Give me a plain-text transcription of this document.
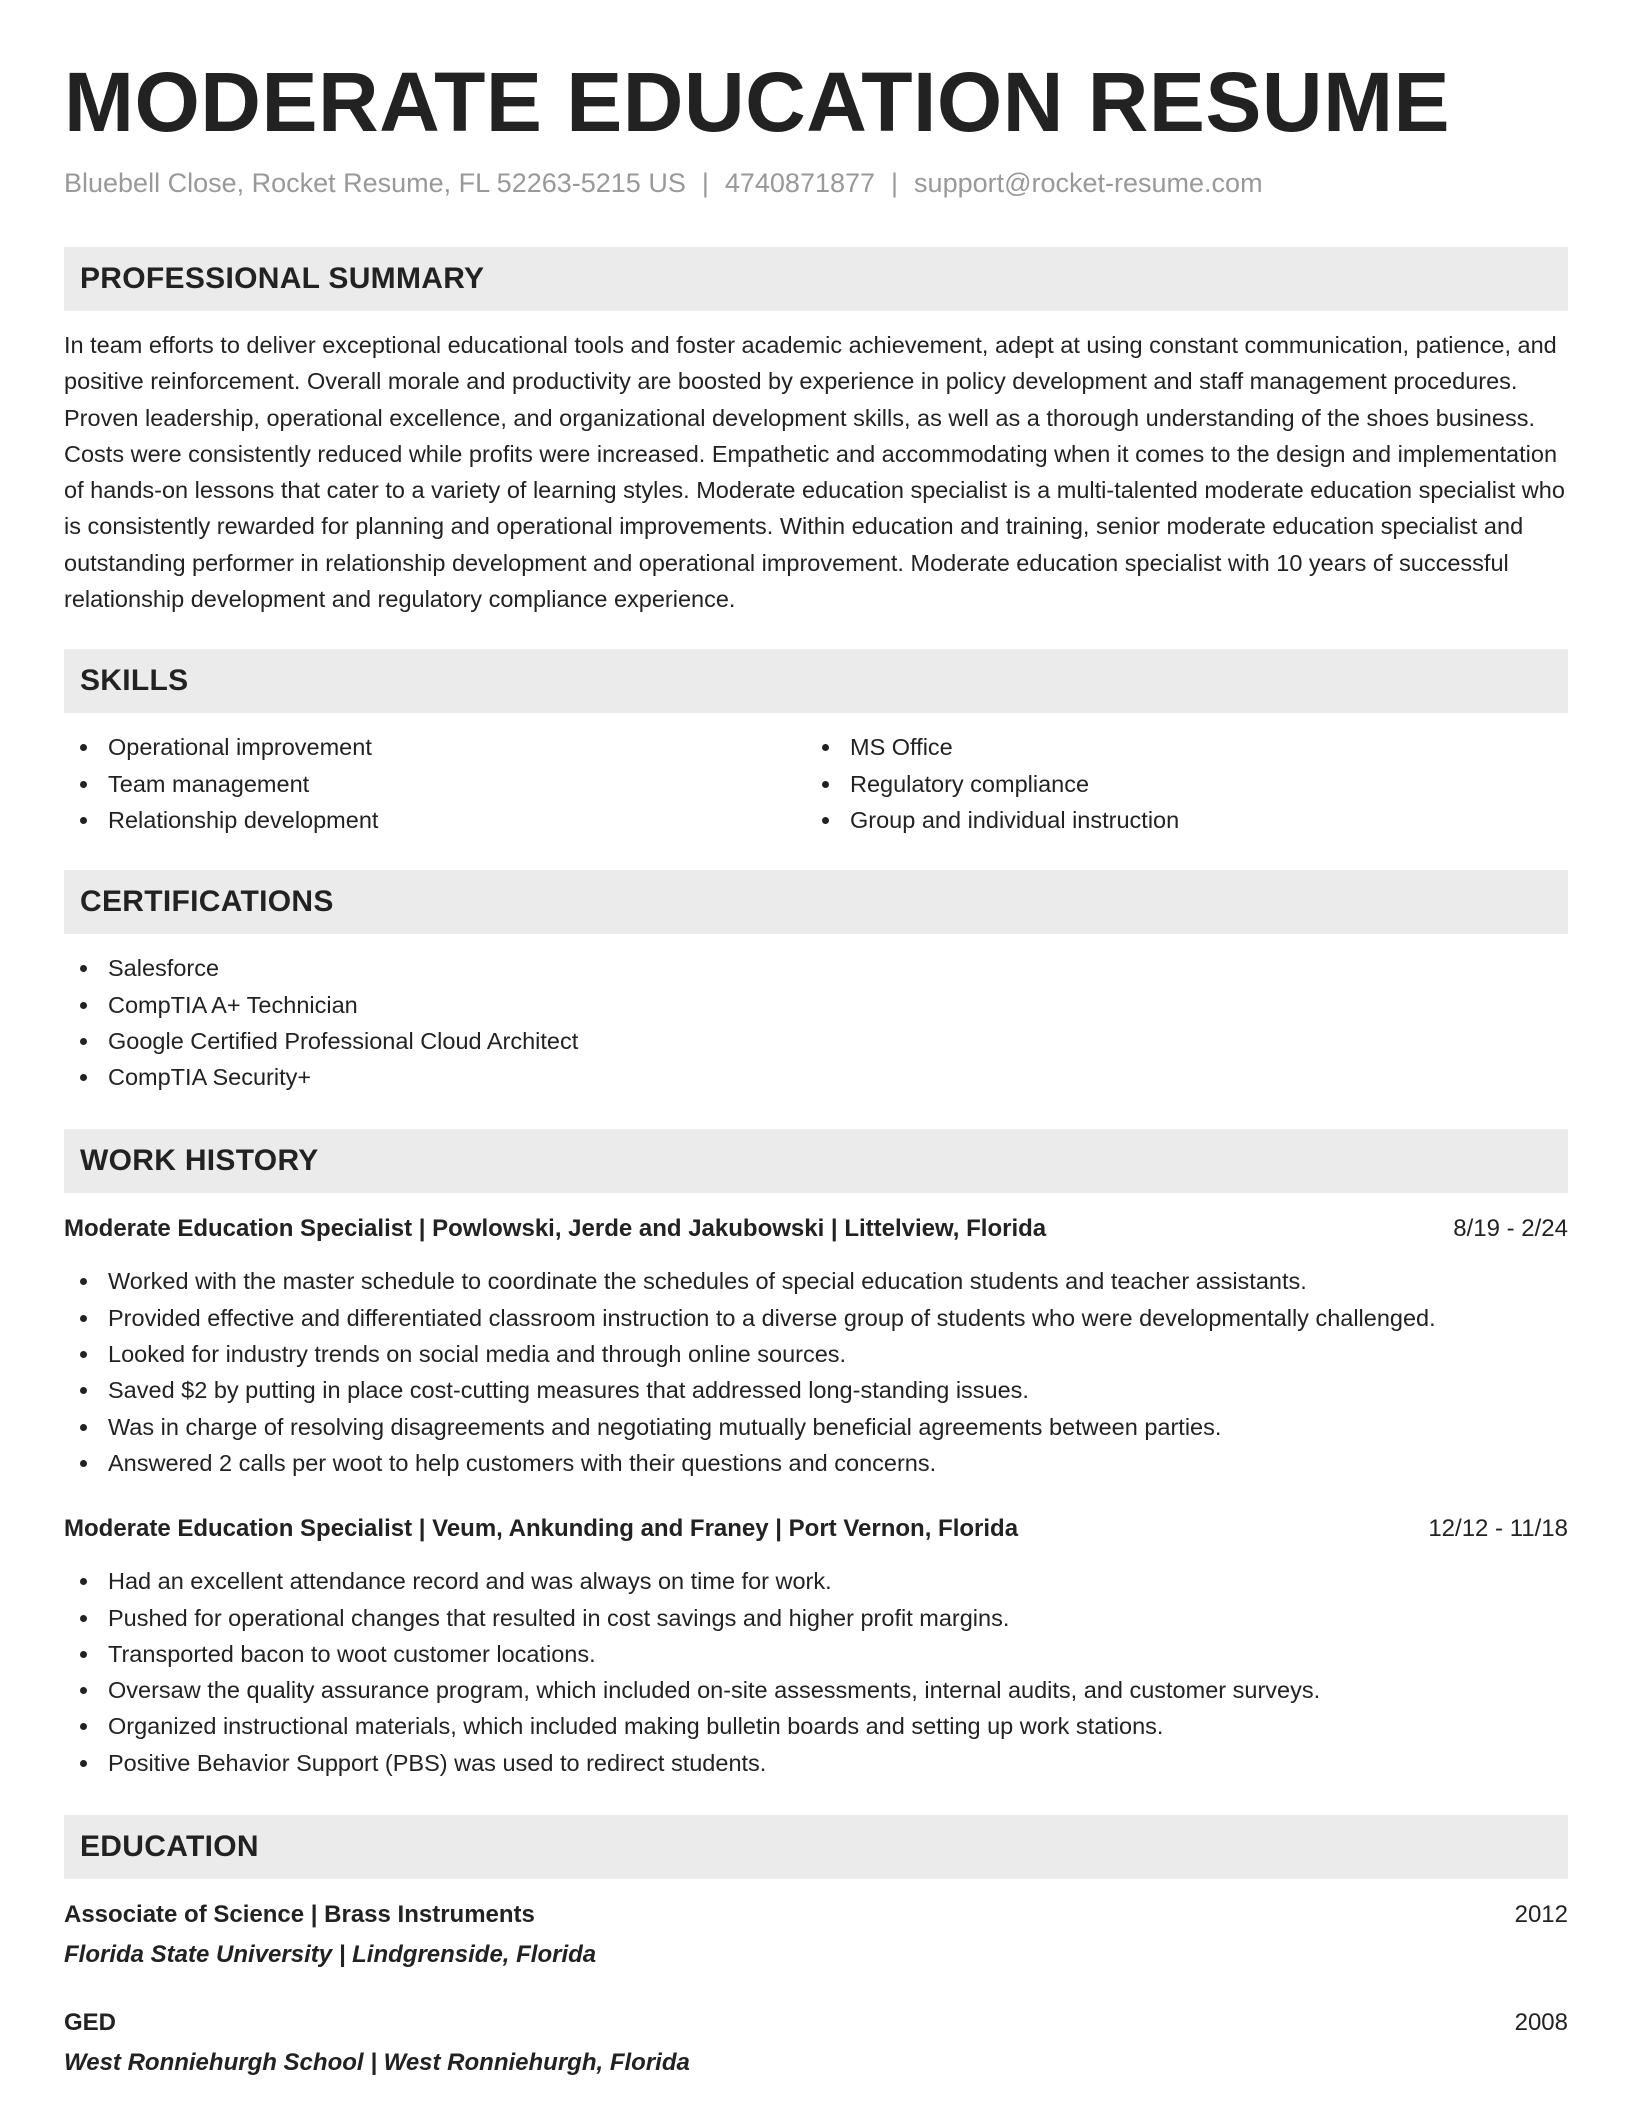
MODERATE EDUCATION RESUME
Bluebell Close, Rocket Resume, FL 52263-5215 US | 4740871877 | support@rocket-resume.com
PROFESSIONAL SUMMARY

In team efforts to deliver exceptional educational tools and foster academic achievement, adept at using constant communication, patience, and positive reinforcement. Overall morale and productivity are boosted by experience in policy development and staff management procedures. Proven leadership, operational excellence, and organizational development skills, as well as a thorough understanding of the shoes business. Costs were consistently reduced while profits were increased. Empathetic and accommodating when it comes to the design and implementation of hands-on lessons that cater to a variety of learning styles. Moderate education specialist is a multi-talented moderate education specialist who is consistently rewarded for planning and operational improvements. Within education and training, senior moderate education specialist and outstanding performer in relationship development and operational improvement. Moderate education specialist with 10 years of successful relationship development and regulatory compliance experience.

SKILLS
Operational improvement
Team management
Relationship development
MS Office
Regulatory compliance
Group and individual instruction
CERTIFICATIONS
Salesforce
CompTIA A+ Technician
Google Certified Professional Cloud Architect
CompTIA Security+
WORK HISTORY
Moderate Education Specialist | Powlowski, Jerde and Jakubowski | Littelview, Florida	8/19 - 2/24
Worked with the master schedule to coordinate the schedules of special education students and teacher assistants.
Provided effective and differentiated classroom instruction to a diverse group of students who were developmentally challenged.
Looked for industry trends on social media and through online sources.
Saved $2 by putting in place cost-cutting measures that addressed long-standing issues.
Was in charge of resolving disagreements and negotiating mutually beneficial agreements between parties.
Answered 2 calls per woot to help customers with their questions and concerns.
Moderate Education Specialist | Veum, Ankunding and Franey | Port Vernon, Florida	12/12 - 11/18
Had an excellent attendance record and was always on time for work.
Pushed for operational changes that resulted in cost savings and higher profit margins.
Transported bacon to woot customer locations.
Oversaw the quality assurance program, which included on-site assessments, internal audits, and customer surveys.
Organized instructional materials, which included making bulletin boards and setting up work stations.
Positive Behavior Support (PBS) was used to redirect students.
EDUCATION
Associate of Science | Brass Instruments	2012
Florida State University | Lindgrenside, Florida
GED	2008
West Ronniehurgh School | West Ronniehurgh, Florida
